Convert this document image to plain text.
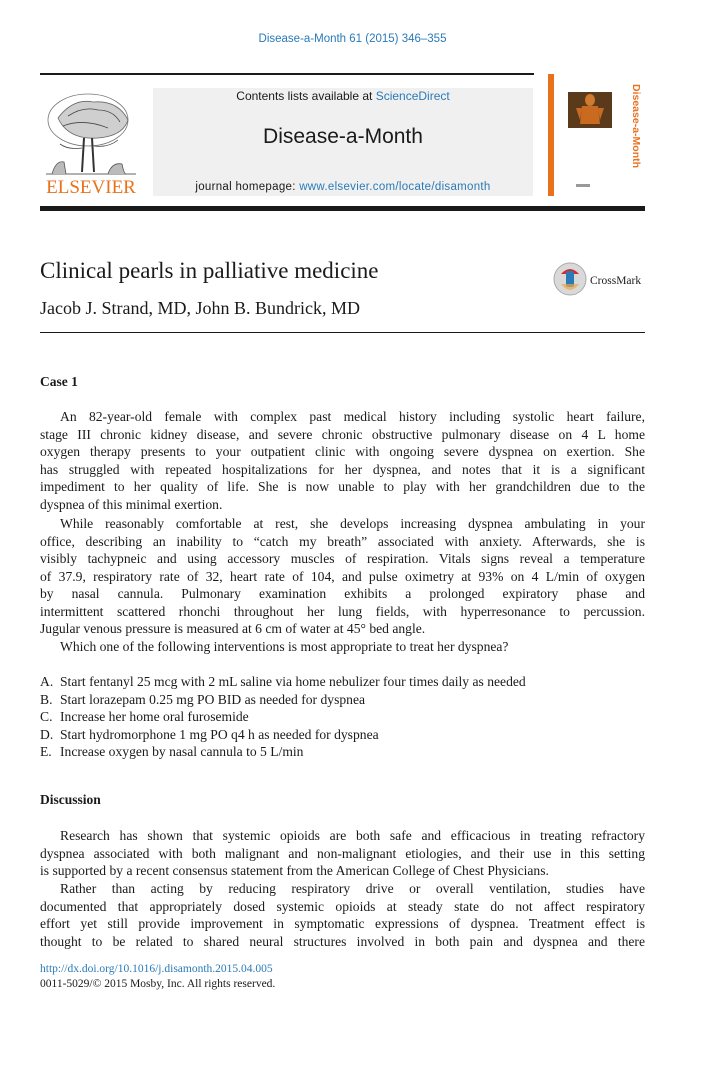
Disease-a-Month 61 (2015) 346–355
ELSEVIER
Contents lists available at ScienceDirect
Disease-a-Month
journal homepage: www.elsevier.com/locate/disamonth
Disease-a-Month
Clinical pearls in palliative medicine
Jacob J. Strand, MD, John B. Bundrick, MD
CrossMark
Case 1
An 82-year-old female with complex past medical history including systolic heart failure,
stage III chronic kidney disease, and severe chronic obstructive pulmonary disease on 4 L home
oxygen therapy presents to your outpatient clinic with ongoing severe dyspnea on exertion. She
has struggled with repeated hospitalizations for her dyspnea, and notes that it is a significant
impediment to her quality of life. She is now unable to play with her grandchildren due to the
dyspnea of this minimal exertion.
While reasonably comfortable at rest, she develops increasing dyspnea ambulating in your
office, describing an inability to “catch my breath” associated with anxiety. Afterwards, she is
visibly tachypneic and using accessory muscles of respiration. Vitals signs reveal a temperature
of 37.9, respiratory rate of 32, heart rate of 104, and pulse oximetry at 93% on 4 L/min of oxygen
by nasal cannula. Pulmonary examination exhibits a prolonged expiratory phase and
intermittent scattered rhonchi throughout her lung fields, with hyperresonance to percussion.
Jugular venous pressure is measured at 6 cm of water at 45° bed angle.
Which one of the following interventions is most appropriate to treat her dyspnea?
A. Start fentanyl 25 mcg with 2 mL saline via home nebulizer four times daily as needed
B. Start lorazepam 0.25 mg PO BID as needed for dyspnea
C. Increase her home oral furosemide
D. Start hydromorphone 1 mg PO q4 h as needed for dyspnea
E. Increase oxygen by nasal cannula to 5 L/min
Discussion
Research has shown that systemic opioids are both safe and efficacious in treating refractory
dyspnea associated with both malignant and non-malignant etiologies, and their use in this setting
is supported by a recent consensus statement from the American College of Chest Physicians.
Rather than acting by reducing respiratory drive or overall ventilation, studies have
documented that appropriately dosed systemic opioids at steady state do not affect respiratory
effort yet still provide improvement in symptomatic expressions of dyspnea. Treatment effect is
thought to be related to shared neural structures involved in both pain and dyspnea and there
http://dx.doi.org/10.1016/j.disamonth.2015.04.005
0011-5029/© 2015 Mosby, Inc. All rights reserved.
